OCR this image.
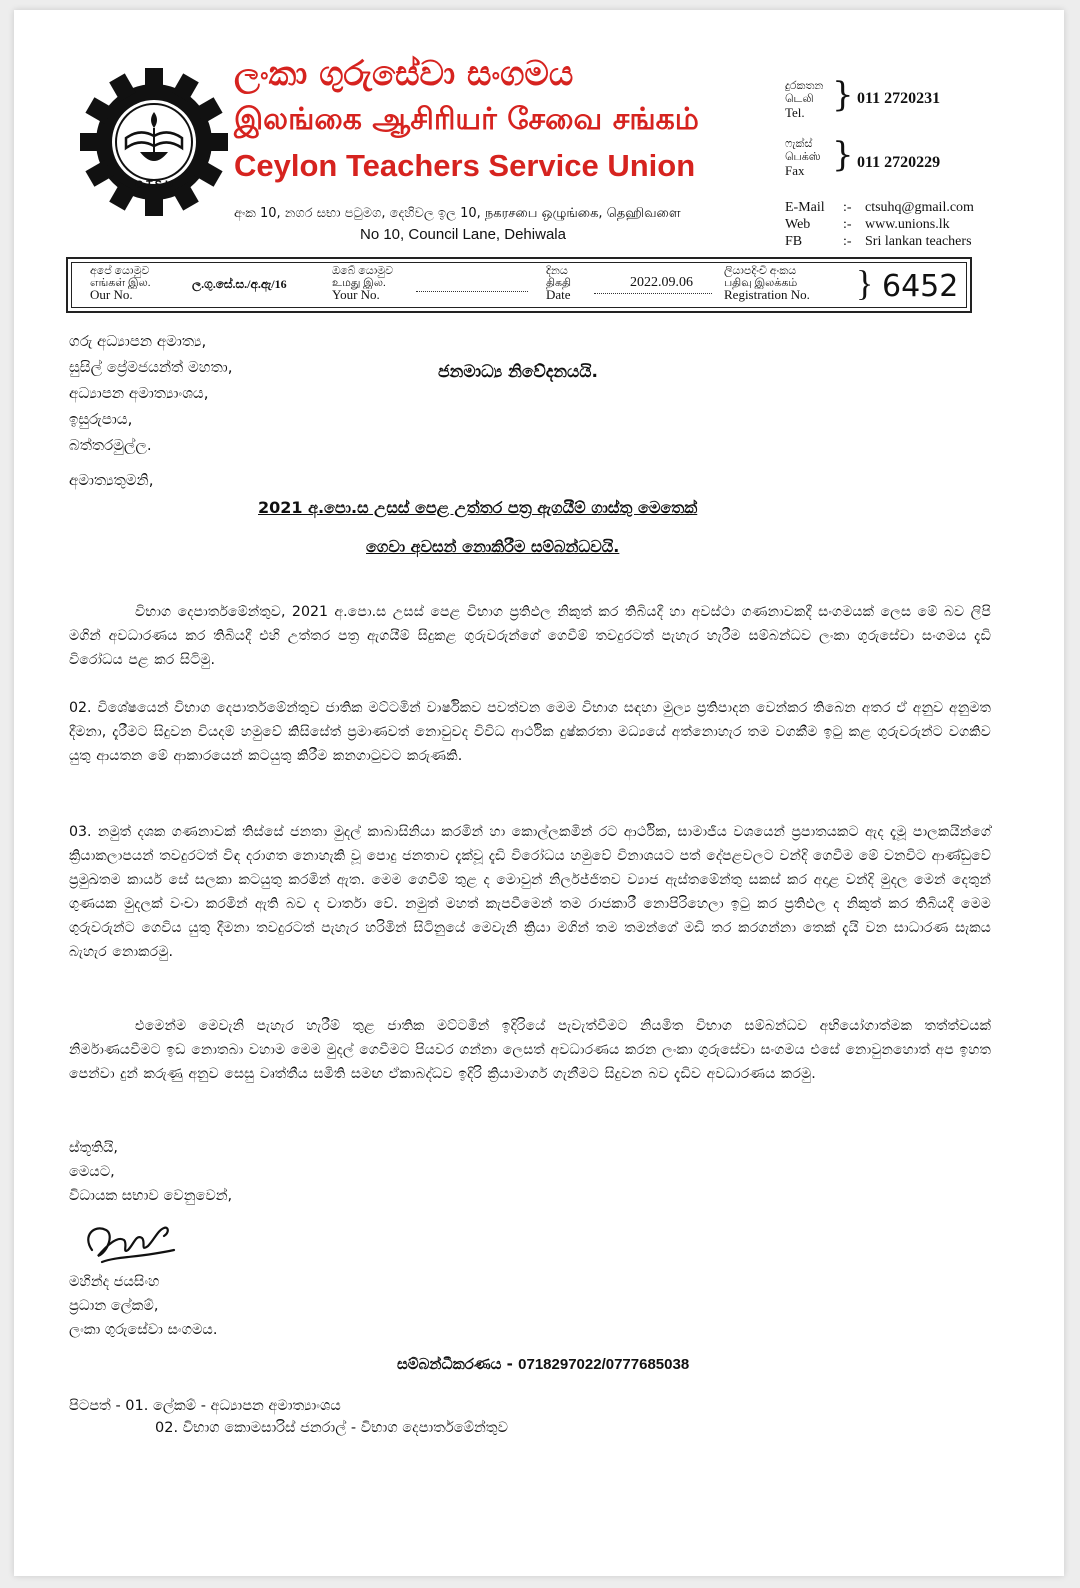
C.T.S.U
ලංකා ගුරුසේවා සංගමය
இலங்கை ஆசிரியர் சேவை சங்கம்
Ceylon Teachers Service Union
අංක 10, නගර සභා පටුමග, දෙහිවල ඉල 10, நகரசபை ஒழுங்கை, தெஹிவளை
No 10, Council Lane, Dehiwala
දුරකතන
டெலி
Tel. } 011 2720231
ෆැක්ස්
பெக்ஸ்
Fax } 011 2720229
E-Mail :- ctsuhq@gmail.com
Web :- www.unions.lk
FB	:- Sri lankan teachers
අපේ යොමුව
எங்கள் இல.
Our No.
ල.ගු.සේ.ස./අ.ඇ/16
ඔබේ යොමුව
உமது இல.
Your No.
දිනය
திகதி
Date
2022.09.06
ලියාපදිංචි අංකය
பதிவு இலக்கம்
Registration No. } 6452
ගරු අධ්‍යාපන අමාත්‍ය,
සුසිල් ප්‍රේමජයන්ත් මහතා,
අධ්‍යාපන අමාත්‍යාංශය,
ඉසුරුපාය,
බත්තරමුල්ල.
ජනමාධ්‍ය නිවේදනයයි.
අමාත්‍යතුමනි,
2021 අ.පො.ස උසස් පෙළ උත්තර පත්‍ර ඇගයීම් ගාස්තු මෙතෙක්
ගෙවා අවසන් නොකිරීම සම්බන්ධවයි.
විභාග දෙපාර්තමේන්තුව, 2021 අ.පො.ස උසස් පෙළ විභාග ප්‍රතිඵල නිකුත් කර තිබියදී හා අවස්ථා ගණනාවකදී සංගමයක් ලෙස මේ බව ලිපි මගින් අවධාරණය කර තිබියදී එහි උත්තර පත්‍ර ඇගයීම් සිදුකළ ගුරුවරුන්ගේ ගෙවීම් තවදුරටත් පැහැර හැරීම සම්බන්ධව ලංකා ගුරුසේවා සංගමය දැඩි විරෝධය පළ කර සිටිමු.
02. විශේෂයෙන් විභාග දෙපාර්තමේන්තුව ජාතික මට්ටමින් වාර්ෂිකව පවත්වන මෙම විභාග සඳහා මුල්‍ය ප්‍රතිපාදන වෙන්කර තිබෙන අතර ඒ අනුව අනුමත දීමනා, දැරීමට සිදුවන වියදම් හමුවේ කිසිසේත් ප්‍රමාණවත් නොවුවද විවිධ ආර්ථික දුෂ්කරතා මධ්‍යයේ අත්නොහැර තම වගකීම ඉටු කළ ගුරුවරුන්ට වගකිව යුතු ආයතන මේ ආකාරයෙන් කටයුතු කිරීම කනගාටුවට කරුණකි.
03. නමුත් දශක ගණනාවක් තිස්සේ ජනතා මුදල් කාබාසිනියා කරමින් හා කොල්ලකමින් රට ආර්ථික, සාමාජීය වශයෙන් ප්‍රපාතයකට ඇද දැමූ පාලකයින්ගේ ක්‍රියාකලාපයන් තවදුරටත් විඳ දරාගත නොහැකි වූ පොදු ජනතාව දැක්වූ දැඩි විරෝධය හමුවේ විනාශයට පත් දේපළවලට වන්දි ගෙවීම මේ වනවිට ආණ්ඩුවේ ප්‍රමුඛතම කාර්ය සේ සලකා කටයුතු කරමින් ඇත. මෙම ගෙවීම් තුළ ද මොවුන් නිර්ලජ්ජිතව ව්‍යාජ ඇස්තමේන්තු සකස් කර අදාළ වන්දි මුදල මෙන් දෙතුන් ගුණයක මුදලක් වංචා කරමින් ඇති බව ද වාර්තා වේ. නමුත් මහත් කැපවීමෙන් තම රාජකාරී නොපිරිහෙලා ඉටු කර ප්‍රතිඵල ද නිකුත් කර තිබියදී මෙම ගුරුවරුන්ට ගෙවිය යුතු දීමනා තවදුරටත් පැහැර හරිමින් සිටිනුයේ මෙවැනි ක්‍රියා මගින් තම තමන්ගේ මඩි තර කරගන්නා තෙක් දැයි වන සාධාරණ සැකය බැහැර නොකරමු.
එමෙන්ම මෙවැනි පැහැර හැරීම් තුළ ජාතික මට්ටමින් ඉදිරියේ පැවැත්වීමට නියමිත විභාග සම්බන්ධව අභියෝගාත්මක තත්ත්වයක් නිර්මාණයවීමට ඉඩ නොතබා වහාම මෙම මුදල් ගෙවීමට පියවර ගන්නා ලෙසත් අවධාරණය කරන ලංකා ගුරුසේවා සංගමය එසේ නොවුනහොත් අප ඉහත පෙන්වා දුන් කරුණු අනුව සෙසු වෘත්තීය සමිති සමඟ ඒකාබද්ධව ඉදිරි ක්‍රියාමාර්ග ගැනීමට සිදුවන බව දැඩිව අවධාරණය කරමු.
ස්තූතියි,
මෙයට,
විධායක සභාව වෙනුවෙන්,
මහින්ද ජයසිංහ
ප්‍රධාන ලේකම්,
ලංකා ගුරුසේවා සංගමය.
සම්බන්ධීකරණය - 0718297022/0777685038
පිටපත් - 01. ලේකම් - අධ්‍යාපන අමාත්‍යාංශය
02. විභාග කොමසාරිස් ජනරාල් - විභාග දෙපාර්තමේන්තුව
